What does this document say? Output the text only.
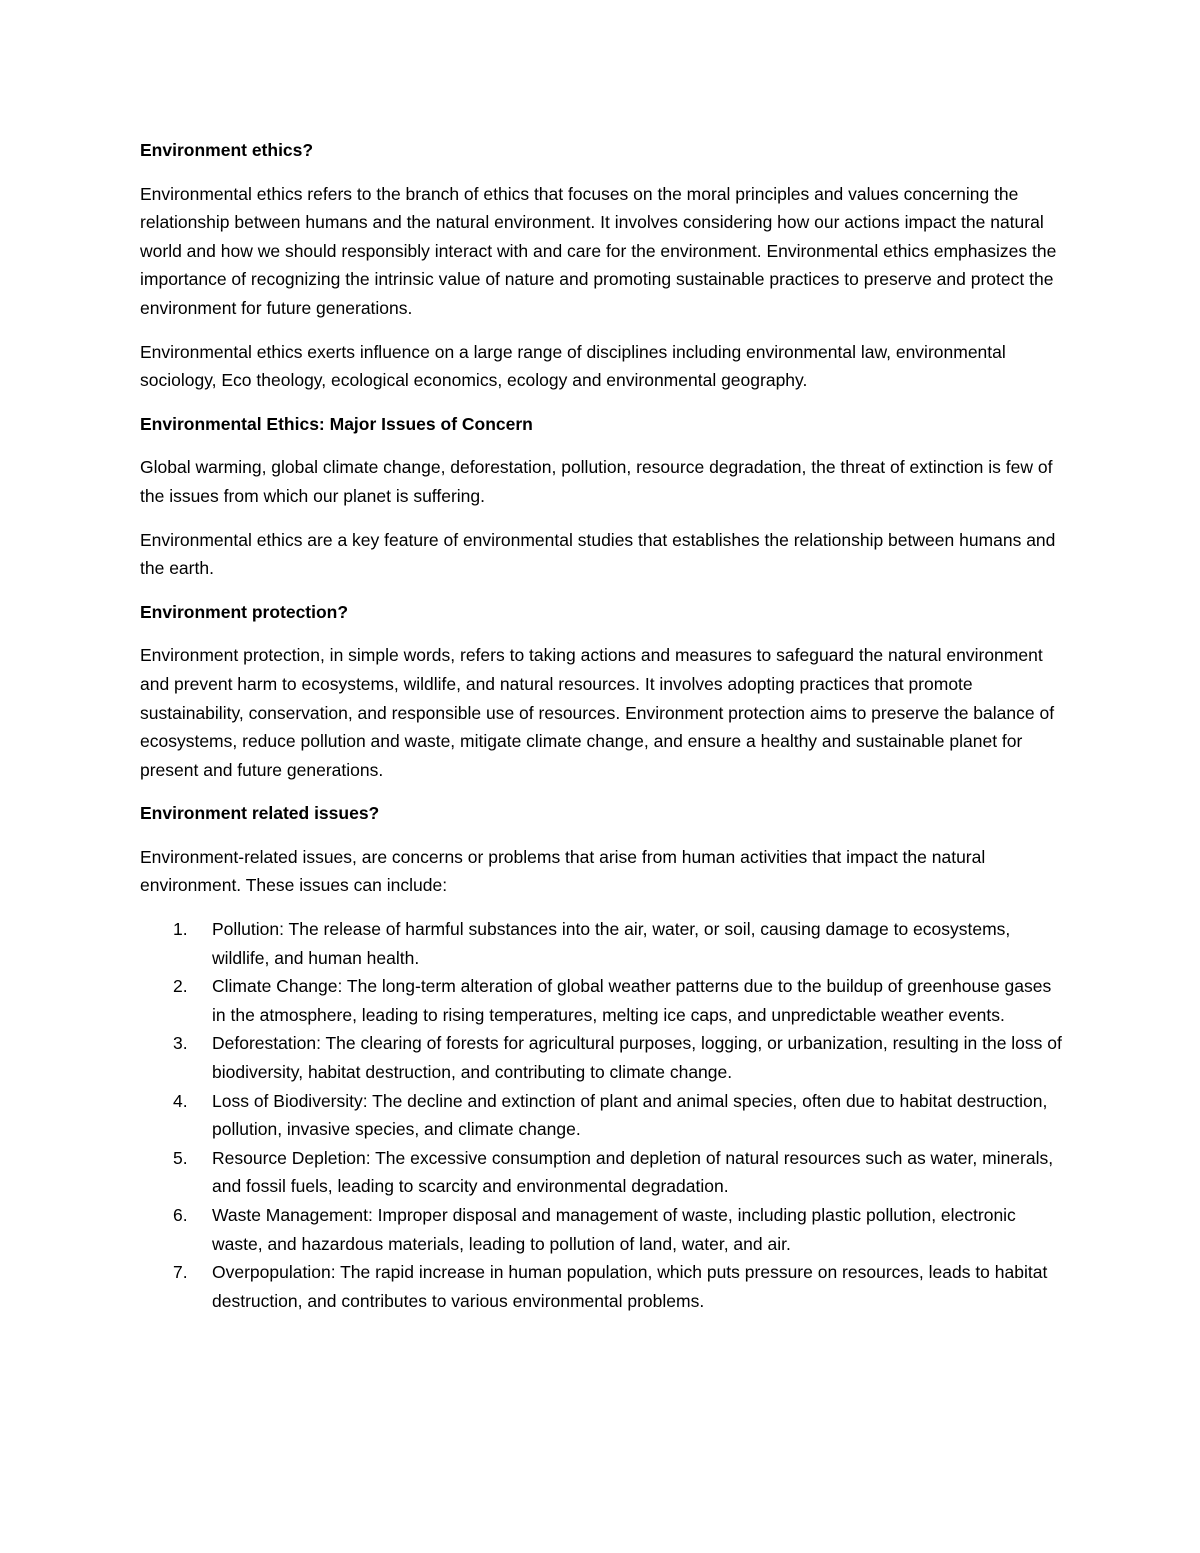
Environment ethics?
Environmental ethics refers to the branch of ethics that focuses on the moral principles and values concerning the relationship between humans and the natural environment. It involves considering how our actions impact the natural world and how we should responsibly interact with and care for the environment. Environmental ethics emphasizes the importance of recognizing the intrinsic value of nature and promoting sustainable practices to preserve and protect the environment for future generations.
Environmental ethics exerts influence on a large range of disciplines including environmental law, environmental sociology, Eco theology, ecological economics, ecology and environmental geography.
Environmental Ethics: Major Issues of Concern
Global warming, global climate change, deforestation, pollution, resource degradation, the threat of extinction is few of the issues from which our planet is suffering.
Environmental ethics are a key feature of environmental studies that establishes the relationship between humans and the earth.
Environment protection?
Environment protection, in simple words, refers to taking actions and measures to safeguard the natural environment and prevent harm to ecosystems, wildlife, and natural resources. It involves adopting practices that promote sustainability, conservation, and responsible use of resources. Environment protection aims to preserve the balance of ecosystems, reduce pollution and waste, mitigate climate change, and ensure a healthy and sustainable planet for present and future generations.
Environment related issues?
Environment-related issues, are concerns or problems that arise from human activities that impact the natural environment. These issues can include:
1. Pollution: The release of harmful substances into the air, water, or soil, causing damage to ecosystems, wildlife, and human health.
2. Climate Change: The long-term alteration of global weather patterns due to the buildup of greenhouse gases in the atmosphere, leading to rising temperatures, melting ice caps, and unpredictable weather events.
3. Deforestation: The clearing of forests for agricultural purposes, logging, or urbanization, resulting in the loss of biodiversity, habitat destruction, and contributing to climate change.
4. Loss of Biodiversity: The decline and extinction of plant and animal species, often due to habitat destruction, pollution, invasive species, and climate change.
5. Resource Depletion: The excessive consumption and depletion of natural resources such as water, minerals, and fossil fuels, leading to scarcity and environmental degradation.
6. Waste Management: Improper disposal and management of waste, including plastic pollution, electronic waste, and hazardous materials, leading to pollution of land, water, and air.
7. Overpopulation: The rapid increase in human population, which puts pressure on resources, leads to habitat destruction, and contributes to various environmental problems.
